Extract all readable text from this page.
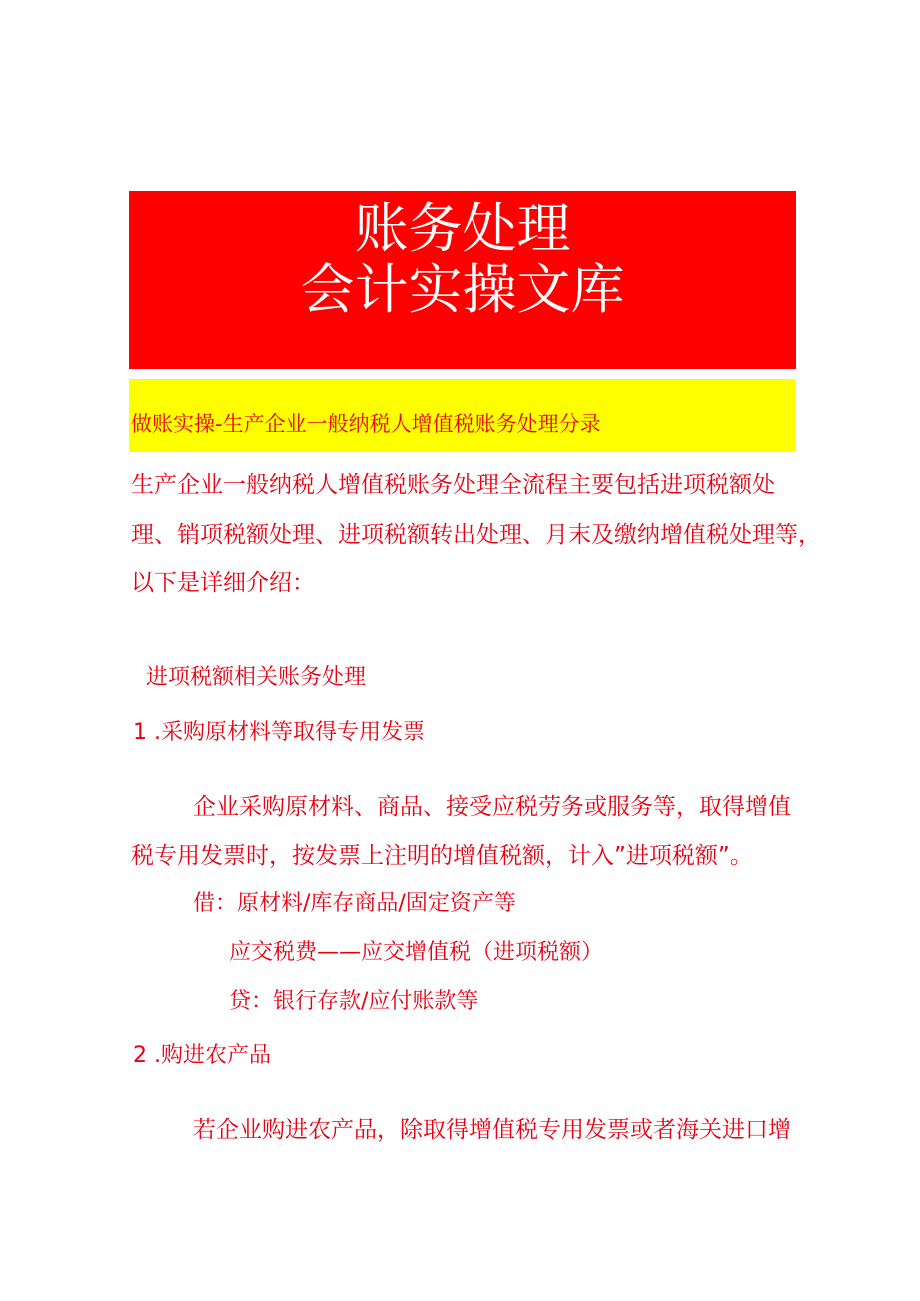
账务处理
会计实操文库
做账实操-生产企业一般纳税人增值税账务处理分录
生产企业一般纳税人增值税账务处理全流程主要包括进项税额处
理、销项税额处理、进项税额转出处理、月末及缴纳增值税处理等，
以下是详细介绍：
进项税额相关账务处理
1 .采购原材料等取得专用发票
企业采购原材料、商品、接受应税劳务或服务等，取得增值
税专用发票时，按发票上注明的增值税额，计入”进项税额”。
借：原材料/库存商品/固定资产等
应交税费——应交增值税（进项税额）
贷：银行存款/应付账款等
2 .购进农产品
若企业购进农产品，除取得增值税专用发票或者海关进口增
